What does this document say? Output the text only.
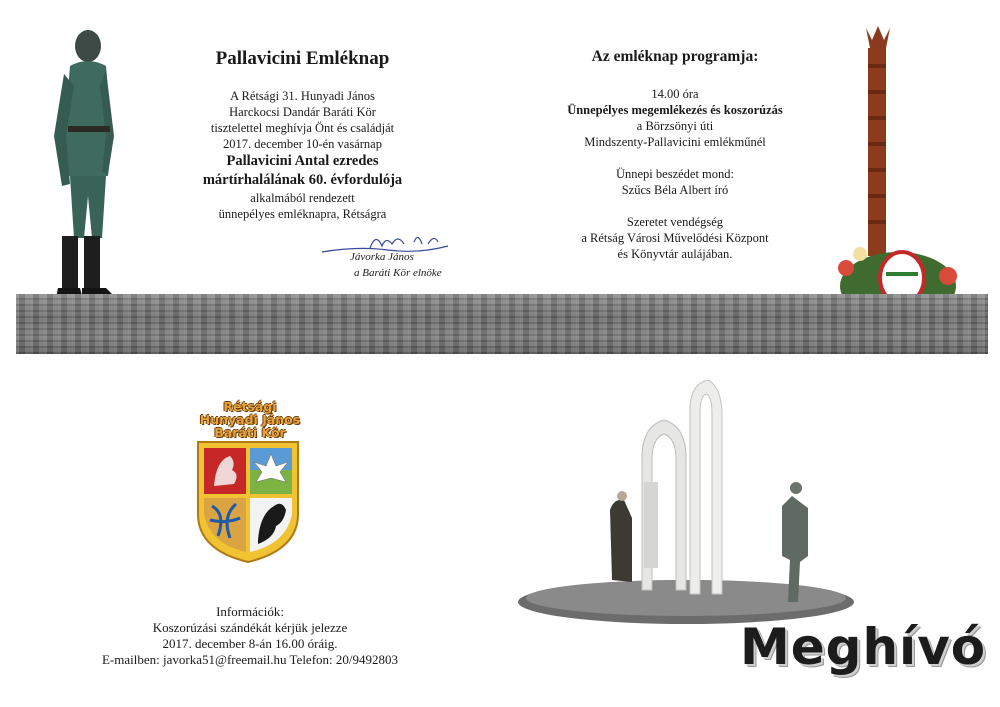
Pallavicini Emléknap
A Rétsági 31. Hunyadi János
Harckocsi Dandár Baráti Kör
tisztelettel meghívja Önt és családját
2017. december 10-én vasárnap
Pallavicini Antal ezredes
mártírhalálának 60. évfordulója
alkalmából rendezett
ünnepélyes emléknapra, Rétságra
Jávorka János
a Baráti Kör elnöke
Az emléknap programja:
14.00 óra
Ünnepélyes megemlékezés és koszorúzás
a Börzsönyi úti
Mindszenty-Pallavicini emlékműnél
Ünnepi beszédet mond:
Szűcs Béla Albert író
Szeretet vendégség
a Rétság Városi Művelődési Központ
és Könyvtár aulájában.
Rétsági
Hunyadi János
Baráti Kör
Információk:
Koszorúzási szándékát kérjük jelezze
2017. december 8-án 16.00 óráig.
E-mailben: javorka51@freemail.hu Telefon: 20/9492803	Meghívó
